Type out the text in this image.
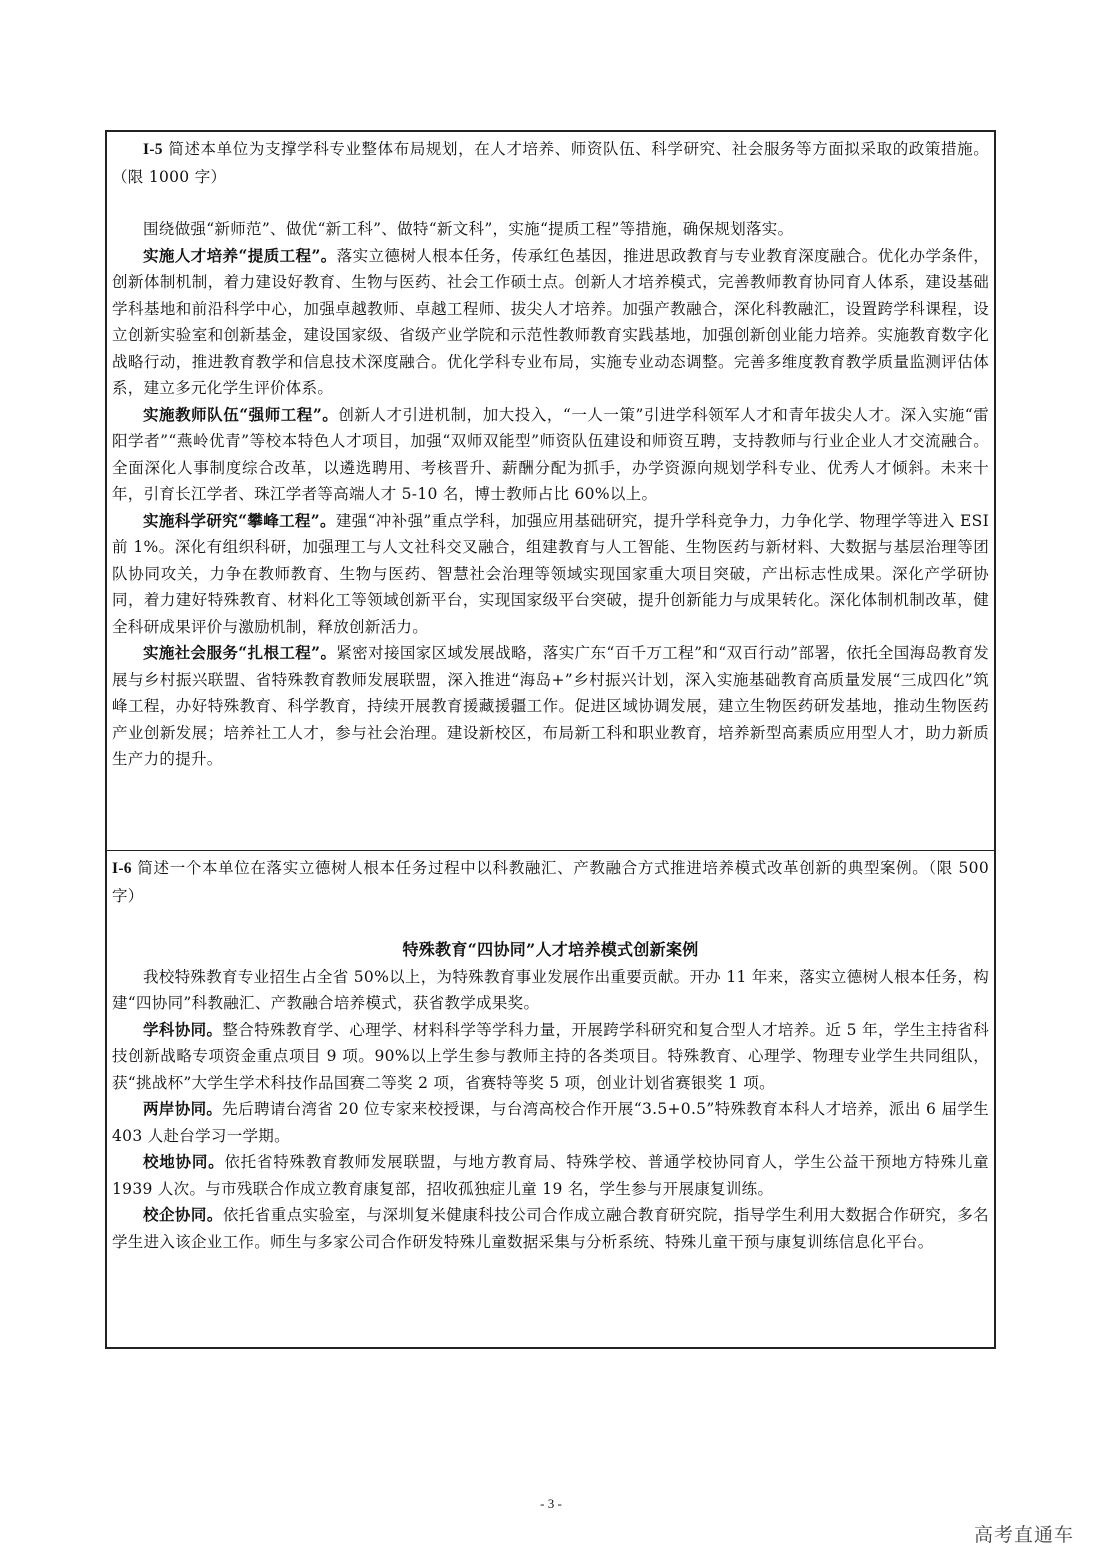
I-5 简述本单位为支撑学科专业整体布局规划，在人才培养、师资队伍、科学研究、社会服务等方面拟采取的政策措施。（限 1000 字）

围绕做强“新师范”、做优“新工科”、做特“新文科”，实施“提质工程”等措施，确保规划落实。

实施人才培养“提质工程”。落实立德树人根本任务，传承红色基因，推进思政教育与专业教育深度融合。优化办学条件，创新体制机制，着力建设好教育、生物与医药、社会工作硕士点。创新人才培养模式，完善教师教育协同育人体系，建设基础学科基地和前沿科学中心，加强卓越教师、卓越工程师、拔尖人才培养。加强产教融合，深化科教融汇，设置跨学科课程，设立创新实验室和创新基金，建设国家级、省级产业学院和示范性教师教育实践基地，加强创新创业能力培养。实施教育数字化战略行动，推进教育教学和信息技术深度融合。优化学科专业布局，实施专业动态调整。完善多维度教育教学质量监测评估体系，建立多元化学生评价体系。

实施教师队伍“强师工程”。创新人才引进机制，加大投入，“一人一策”引进学科领军人才和青年拔尖人才。深入实施“雷阳学者”“燕岭优青”等校本特色人才项目，加强“双师双能型”师资队伍建设和师资互聘，支持教师与行业企业人才交流融合。全面深化人事制度综合改革，以遴选聘用、考核晋升、薪酬分配为抓手，办学资源向规划学科专业、优秀人才倾斜。未来十年，引育长江学者、珠江学者等高端人才 5-10 名，博士教师占比 60%以上。

实施科学研究“攀峰工程”。建强“冲补强”重点学科，加强应用基础研究，提升学科竞争力，力争化学、物理学等进入 ESI 前 1%。深化有组织科研，加强理工与人文社科交叉融合，组建教育与人工智能、生物医药与新材料、大数据与基层治理等团队协同攻关，力争在教师教育、生物与医药、智慧社会治理等领域实现国家重大项目突破，产出标志性成果。深化产学研协同，着力建好特殊教育、材料化工等领域创新平台，实现国家级平台突破，提升创新能力与成果转化。深化体制机制改革，健全科研成果评价与激励机制，释放创新活力。

实施社会服务“扎根工程”。紧密对接国家区域发展战略，落实广东“百千万工程”和“双百行动”部署，依托全国海岛教育发展与乡村振兴联盟、省特殊教育教师发展联盟，深入推进“海岛+”乡村振兴计划，深入实施基础教育高质量发展“三成四化”筑峰工程，办好特殊教育、科学教育，持续开展教育援藏援疆工作。促进区域协调发展，建立生物医药研发基地，推动生物医药产业创新发展；培养社工人才，参与社会治理。建设新校区，布局新工科和职业教育，培养新型高素质应用型人才，助力新质生产力的提升。

I-6 简述一个本单位在落实立德树人根本任务过程中以科教融汇、产教融合方式推进培养模式改革创新的典型案例。（限 500 字）

特殊教育“四协同”人才培养模式创新案例

我校特殊教育专业招生占全省 50%以上，为特殊教育事业发展作出重要贡献。开办 11 年来，落实立德树人根本任务，构建“四协同”科教融汇、产教融合培养模式，获省教学成果奖。

学科协同。整合特殊教育学、心理学、材料科学等学科力量，开展跨学科研究和复合型人才培养。近 5 年，学生主持省科技创新战略专项资金重点项目 9 项。90%以上学生参与教师主持的各类项目。特殊教育、心理学、物理专业学生共同组队，获“挑战杯”大学生学术科技作品国赛二等奖 2 项，省赛特等奖 5 项，创业计划省赛银奖 1 项。

两岸协同。先后聘请台湾省 20 位专家来校授课，与台湾高校合作开展“3.5+0.5”特殊教育本科人才培养，派出 6 届学生 403 人赴台学习一学期。

校地协同。依托省特殊教育教师发展联盟，与地方教育局、特殊学校、普通学校协同育人，学生公益干预地方特殊儿童 1939 人次。与市残联合作成立教育康复部，招收孤独症儿童 19 名，学生参与开展康复训练。

校企协同。依托省重点实验室，与深圳复米健康科技公司合作成立融合教育研究院，指导学生利用大数据合作研究，多名学生进入该企业工作。师生与多家公司合作研发特殊儿童数据采集与分析系统、特殊儿童干预与康复训练信息化平台。

- 3 -
高考直通车
